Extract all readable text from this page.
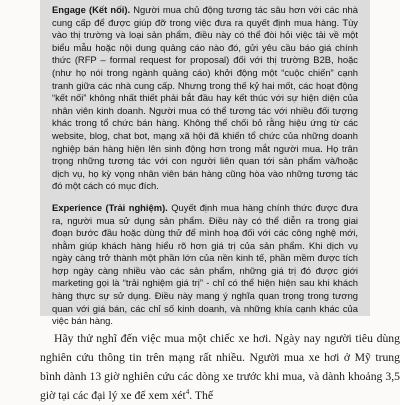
Engage (Kết nối). Người mua chủ động tương tác sâu hơn với các nhà cung cấp để được giúp đỡ trong việc đưa ra quyết định mua hàng. Tùy vào thị trường và loại sản phẩm, điều này có thể đòi hỏi việc tải về một biểu mẫu hoặc nội dung quảng cáo nào đó, gửi yêu cầu báo giá chính thức (RFP – formal request for proposal) đối với thị trường B2B, hoặc (như họ nói trong ngành quảng cáo) khởi động một “cuộc chiến” cạnh tranh giữa các nhà cung cấp. Nhưng trong thế kỷ hai mốt, các hoạt động “kết nối” không nhất thiết phải bắt đầu hay kết thúc với sự hiện diện của nhân viên kinh doanh. Người mua có thể tương tác với nhiều đối tượng khác trong tổ chức bán hàng. Không thể chối bỏ rằng hiệu ứng từ các website, blog, chat bot, mạng xã hội đã khiến tổ chức của những doanh nghiệp bán hàng hiện lên sinh động hơn trong mắt người mua. Họ trân trọng những tương tác với con người liên quan tới sản phẩm và/hoặc dịch vụ, họ kỳ vọng nhân viên bán hàng cũng hòa vào những tương tác đó một cách có mục đích.

Experience (Trải nghiệm). Quyết định mua hàng chính thức được đưa ra, người mua sử dụng sản phẩm. Điều này có thể diễn ra trong giai đoạn bước đầu hoặc dùng thử để mình hoạ đối với các công nghệ mới, nhằm giúp khách hàng hiểu rõ hơn giá trị của sản phẩm. Khi dịch vụ ngày càng trở thành một phần lớn của nền kinh tế, phần mềm được tích hợp ngày càng nhiều vào các sản phẩm, những giá trị đó được giới marketing gọi là “trải nghiệm giá trị” - chỉ có thể hiện hiện sau khi khách hàng thực sự sử dụng. Điều này mang ý nghĩa quan trọng trong tương quan với giá bán, các chỉ số kinh doanh, và những khía cạnh khác của việc bán hàng.

Hãy thử nghĩ đến việc mua một chiếc xe hơi. Ngày nay người tiêu dùng nghiên cứu thông tin trên mạng rất nhiều. Người mua xe hơi ở Mỹ trung bình dành 13 giờ nghiên cứu các dòng xe trước khi mua, và dành khoảng 3,5 giờ tại các đại lý xe để xem xét$^4$. Thế
